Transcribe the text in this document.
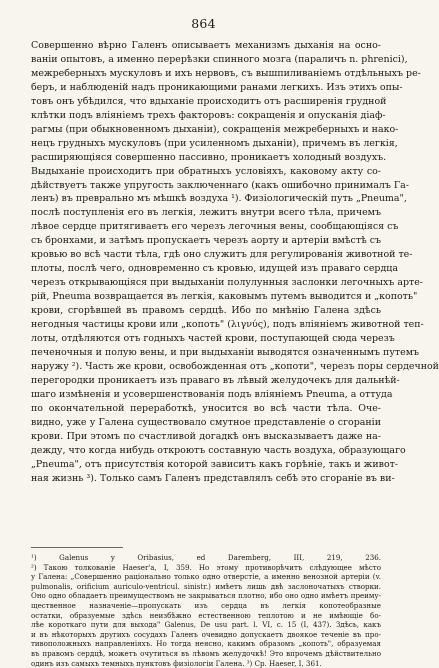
864
Совершенно вѣрно Галенъ описываетъ механизмъ дыханія на осно-
ваніи опытовъ, а именно перерѣзки спинного мозга (параличъ n. phrenici),
межреберныхъ мускуловъ и ихъ нервовъ, съ вышпиливаніемъ отдѣльныхъ ре-
беръ, и наблюденій надъ проникающими ранами легкихъ. Изъ этихъ опы-
товъ онъ убѣдился, что вдыханіе происходитъ отъ расширенія грудной
клѣтки подъ вліяніемъ трехъ факторовъ: сокращенія и опусканія діаф-
рагмы (при обыкновенномъ дыханіи), сокращенія межреберныхъ и нако-
нецъ грудныхъ мускуловъ (при усиленномъ дыханіи), причемъ въ легкія,
расширяющіяся совершенно пассивно, проникаетъ холодный воздухъ.
Выдыханіе происходитъ при обратныхъ условіяхъ, каковому акту со-
дѣйствуетъ также упругость заключеннаго (какъ ошибочно принималъ Га-
ленъ) въ преврально мъ мѣшкѣ воздуха ¹). Физіологическій путь „Pneuma",
послѣ поступленія его въ легкія, лежитъ внутри всего тѣла, причемъ
лѣвое сердце притягиваетъ его черезъ легочныя вены, сообщающіяся съ
съ бронхами, и затѣмъ пропускаетъ черезъ аорту и артеріи вмѣстѣ съ
кровью во всѣ части тѣла, гдѣ оно служитъ для регулированія животной те-
плоты, послѣ чего, одновременно съ кровью, идущей изъ праваго сердца
черезъ открывающіяся при выдыханіи полулунныя заслонки легочныхъ арте-
рій, Pneuma возвращается въ легкія, каковымъ путемъ выводится и „копоть"
крови, сгорѣвшей въ правомъ сердцѣ. Ибо по мнѣнію Галена здѣсь
негодныя частицы крови или „копоть" (λιγνύς), подъ вліяніемъ животной теп-
лоты, отдѣляются отъ годныхъ частей крови, поступающей сюда черезъ
печеночныя и полую вены, и при выдыханіи выводятся означеннымъ путемъ
наружу ²). Часть же крови, освобожденная отъ „копоти", черезъ поры сердечной
перегородки проникаетъ изъ праваго въ лѣвый желудочекъ для дальнѣй-
шаго измѣненія и усовершенствованія подъ вліяніемъ Pneuma, а оттуда
по окончательной переработкѣ, уносится во всѣ части тѣла. Оче-
видно, уже у Галена существовало смутное представленіе о сгораніи
крови. При этомъ по счастливой догадкѣ онъ высказываетъ даже на-
дежду, что когда нибудь откроютъ составную часть воздуха, образующаго
„Pneuma", отъ присутствія которой зависитъ какъ горѣніе, такъ и живот-
ная жизнь ³). Только самъ Галенъ представлялъ себѣ это сгораніе въ ви-
¹) Galenus y Oribasius, ed Daremberg, III, 219, 236.
²) Такою толкованіе Haeser'a, I, 359. Но этому противорѣчитъ слѣдующее мѣсто
у Галена: „Совершенно раціонально только одно отверстіе, а именно венозной артеріи (v.
pulmonalis, orificium auriculo-ventricul. sinistr.) имѣетъ лишь двѣ заслоночатыхъ створки.
Оно одно обладаетъ преимуществомъ не закрываться плотно, ибо оно одно имѣетъ преиму-
щественное назначеніе—пропускать изъ сердца въ легкія копотеобразные
остатки, образуемые здѣсь неизбѣжно естественною теплотою и не имѣющіе бо-
лѣе короткаго пути для выхода" Galenus, De usu part. l. VI, c. 15 (I, 437). Здѣсь, какъ
и въ нѣкоторыхъ другихъ сосудахъ Галенъ очевидно допускаетъ двоякое теченіе въ про-
тивоположныхъ направленіяхъ. Но тогда неясно, какимъ образомъ „копоть", образуемая
въ правомъ сердцѣ, можетъ очутиться въ лѣвомъ желудочкѣ! Это впрочемъ дѣйствительно
одинъ изъ самыхъ темныхъ пунктовъ физіологіи Галена. ³) Cp. Haeser, I, 361.
